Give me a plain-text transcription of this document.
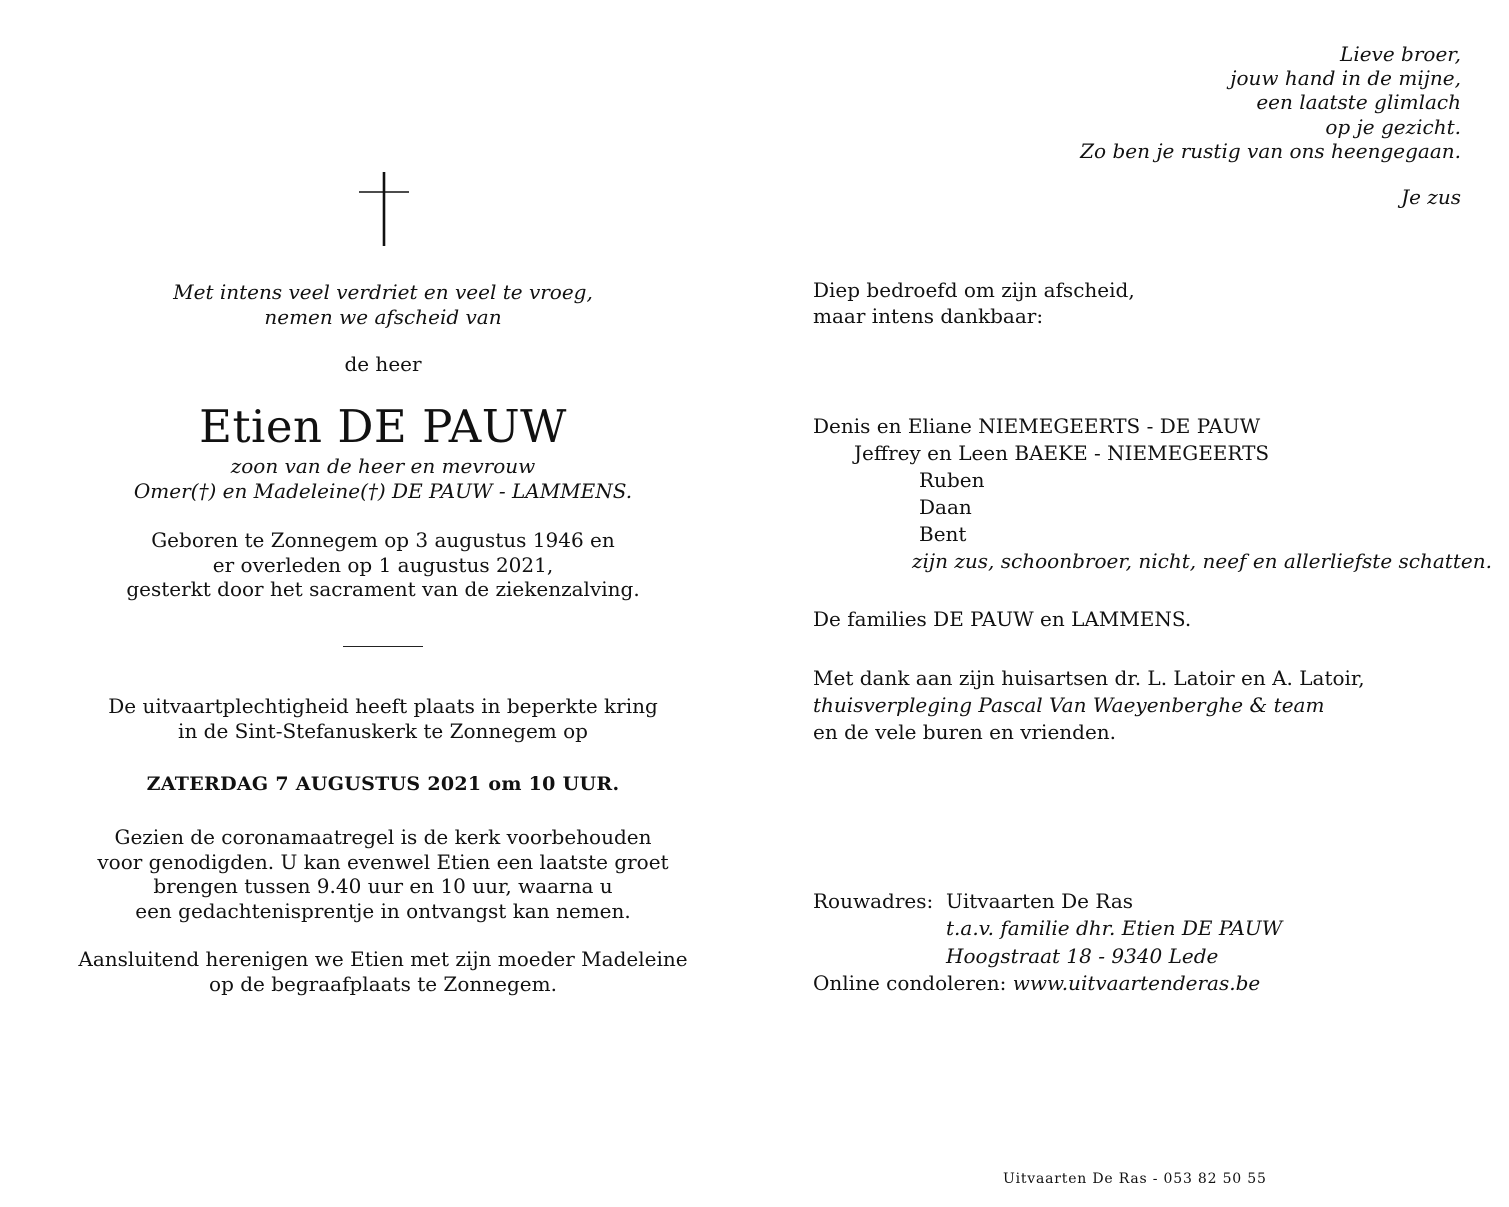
Lieve broer,
jouw hand in de mijne,
een laatste glimlach
op je gezicht.
Zo ben je rustig van ons heengegaan.
Je zus
Met intens veel verdriet en veel te vroeg,
nemen we afscheid van
de heer
Etien DE PAUW
zoon van de heer en mevrouw
Omer(†) en Madeleine(†) DE PAUW - LAMMENS.
Geboren te Zonnegem op 3 augustus 1946 en
er overleden op 1 augustus 2021,
gesterkt door het sacrament van de ziekenzalving.
De uitvaartplechtigheid heeft plaats in beperkte kring
in de Sint-Stefanuskerk te Zonnegem op
ZATERDAG 7 AUGUSTUS 2021 om 10 UUR.
Gezien de coronamaatregel is de kerk voorbehouden
voor genodigden. U kan evenwel Etien een laatste groet
brengen tussen 9.40 uur en 10 uur, waarna u
een gedachtenisprentje in ontvangst kan nemen.
Aansluitend herenigen we Etien met zijn moeder Madeleine
op de begraafplaats te Zonnegem.
Diep bedroefd om zijn afscheid,
maar intens dankbaar:
Denis en Eliane NIEMEGEERTS - DE PAUW
Jeffrey en Leen BAEKE - NIEMEGEERTS
Ruben
Daan
Bent
zijn zus, schoonbroer, nicht, neef en allerliefste schatten.
De families DE PAUW en LAMMENS.
Met dank aan zijn huisartsen dr. L. Latoir en A. Latoir,
thuisverpleging Pascal Van Waeyenberghe & team
en de vele buren en vrienden.
Rouwadres:	Uitvaarten De Ras
	t.a.v. familie dhr. Etien DE PAUW
	Hoogstraat 18 - 9340 Lede
Online condoleren: www.uitvaartenderas.be
Uitvaarten De Ras - 053 82 50 55
